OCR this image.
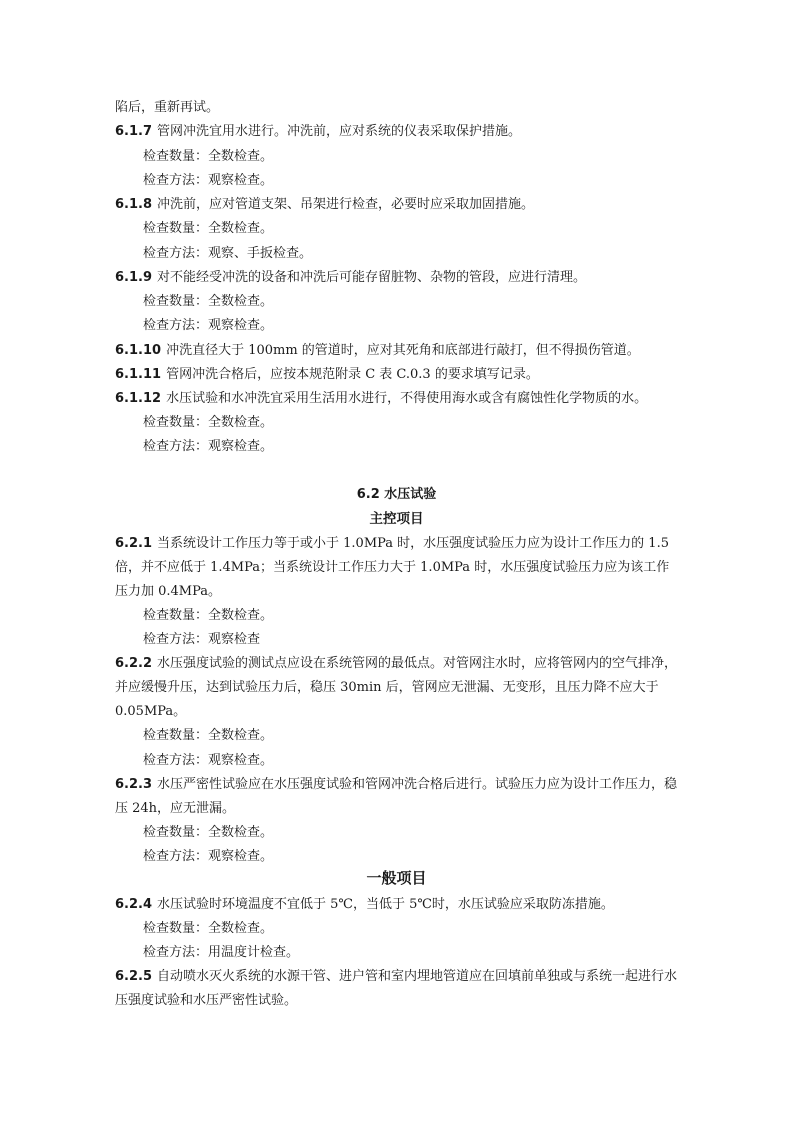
陷后，重新再试。
6.1.7 管网冲洗宜用水进行。冲洗前，应对系统的仪表采取保护措施。
检查数量：全数检查。
检查方法：观察检查。
6.1.8 冲洗前，应对管道支架、吊架进行检查，必要时应采取加固措施。
检查数量：全数检查。
检查方法：观察、手扳检查。
6.1.9 对不能经受冲洗的设备和冲洗后可能存留脏物、杂物的管段，应进行清理。
检查数量：全数检查。
检查方法：观察检查。
6.1.10 冲洗直径大于 100mm 的管道时，应对其死角和底部进行敲打，但不得损伤管道。
6.1.11 管网冲洗合格后，应按本规范附录 C 表 C.0.3 的要求填写记录。
6.1.12 水压试验和水冲洗宜采用生活用水进行，不得使用海水或含有腐蚀性化学物质的水。
检查数量：全数检查。
检查方法：观察检查。
6.2 水压试验
主控项目
6.2.1 当系统设计工作压力等于或小于 1.0MPa 时，水压强度试验压力应为设计工作压力的 1.5 倍，并不应低于 1.4MPa；当系统设计工作压力大于 1.0MPa 时，水压强度试验压力应为该工作压力加 0.4MPa。
检查数量：全数检查。
检查方法：观察检查
6.2.2 水压强度试验的测试点应设在系统管网的最低点。对管网注水时，应将管网内的空气排净，并应缓慢升压，达到试验压力后，稳压 30min 后，管网应无泄漏、无变形，且压力降不应大于 0.05MPa。
检查数量：全数检查。
检查方法：观察检查。
6.2.3 水压严密性试验应在水压强度试验和管网冲洗合格后进行。试验压力应为设计工作压力，稳压 24h，应无泄漏。
检查数量：全数检查。
检查方法：观察检查。
一般项目
6.2.4 水压试验时环境温度不宜低于 5℃，当低于 5℃时，水压试验应采取防冻措施。
检查数量：全数检查。
检查方法：用温度计检查。
6.2.5 自动喷水灭火系统的水源干管、进户管和室内埋地管道应在回填前单独或与系统一起进行水压强度试验和水压严密性试验。
